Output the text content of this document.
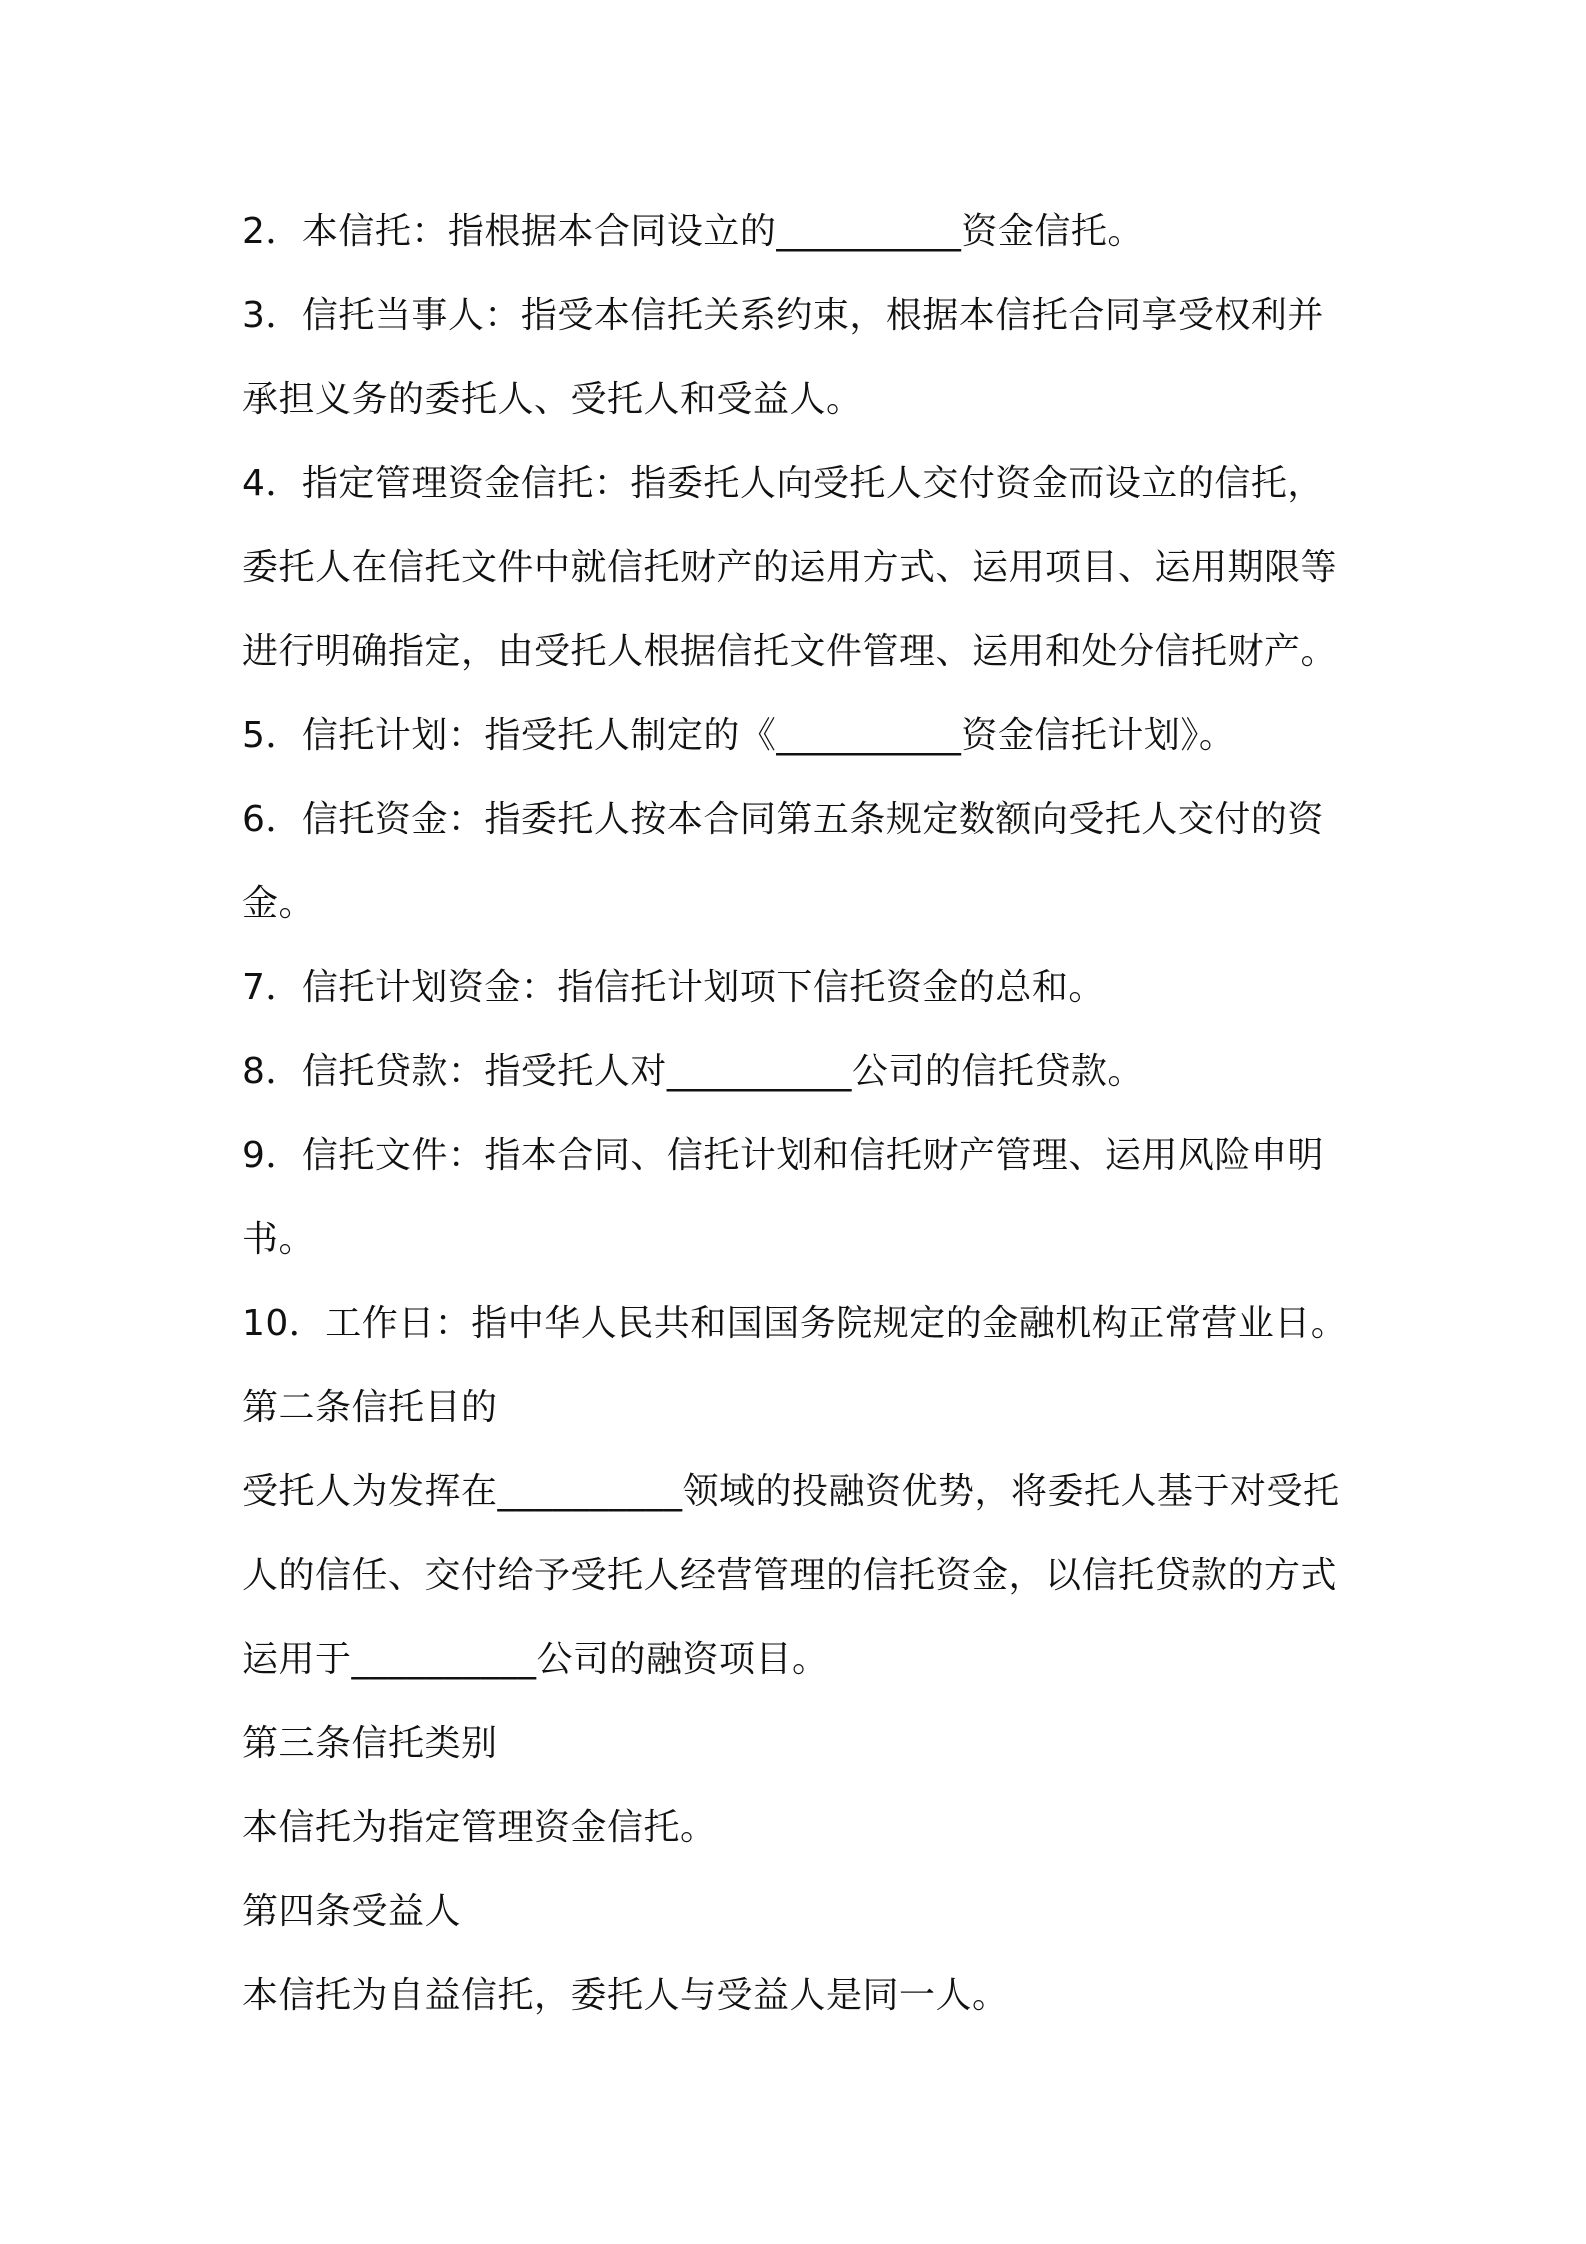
2．本信托：指根据本合同设立的__________资金信托。
3．信托当事人：指受本信托关系约束，根据本信托合同享受权利并
承担义务的委托人、受托人和受益人。
4．指定管理资金信托：指委托人向受托人交付资金而设立的信托，
委托人在信托文件中就信托财产的运用方式、运用项目、运用期限等
进行明确指定，由受托人根据信托文件管理、运用和处分信托财产。
5．信托计划：指受托人制定的《__________资金信托计划》。
6．信托资金：指委托人按本合同第五条规定数额向受托人交付的资
金。
7．信托计划资金：指信托计划项下信托资金的总和。
8．信托贷款：指受托人对__________公司的信托贷款。
9．信托文件：指本合同、信托计划和信托财产管理、运用风险申明
书。
10．工作日：指中华人民共和国国务院规定的金融机构正常营业日。
第二条信托目的
受托人为发挥在__________领域的投融资优势，将委托人基于对受托
人的信任、交付给予受托人经营管理的信托资金，以信托贷款的方式
运用于__________公司的融资项目。
第三条信托类别
本信托为指定管理资金信托。
第四条受益人
本信托为自益信托，委托人与受益人是同一人。
